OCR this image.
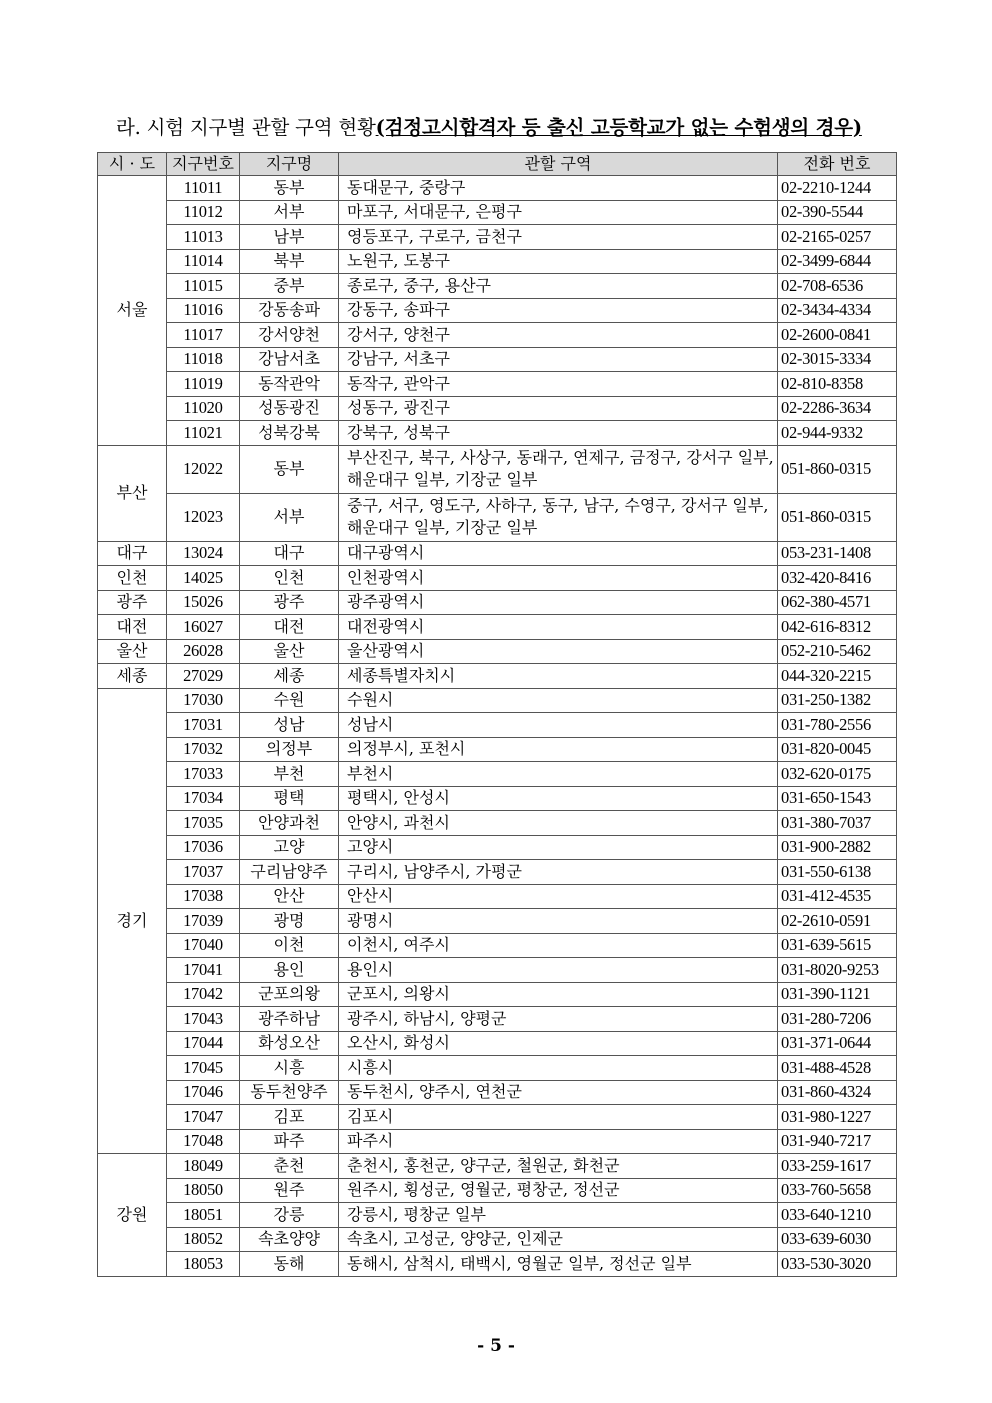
라. 시험 지구별 관할 구역 현황(검정고시합격자 등 출신 고등학교가 없는 수험생의 경우)
시 · 도	지구번호	지구명	관할 구역	전화 번호
서울	11011	동부	동대문구, 중랑구	02-2210-1244
	11012	서부	마포구, 서대문구, 은평구	02-390-5544
	11013	남부	영등포구, 구로구, 금천구	02-2165-0257
	11014	북부	노원구, 도봉구	02-3499-6844
	11015	중부	종로구, 중구, 용산구	02-708-6536
	11016	강동송파	강동구, 송파구	02-3434-4334
	11017	강서양천	강서구, 양천구	02-2600-0841
	11018	강남서초	강남구, 서초구	02-3015-3334
	11019	동작관악	동작구, 관악구	02-810-8358
	11020	성동광진	성동구, 광진구	02-2286-3634
	11021	성북강북	강북구, 성북구	02-944-9332
부산	12022	동부	부산진구, 북구, 사상구, 동래구, 연제구, 금정구, 강서구 일부, 해운대구 일부, 기장군 일부	051-860-0315
	12023	서부	중구, 서구, 영도구, 사하구, 동구, 남구, 수영구, 강서구 일부, 해운대구 일부, 기장군 일부	051-860-0315
대구	13024	대구	대구광역시	053-231-1408
인천	14025	인천	인천광역시	032-420-8416
광주	15026	광주	광주광역시	062-380-4571
대전	16027	대전	대전광역시	042-616-8312
울산	26028	울산	울산광역시	052-210-5462
세종	27029	세종	세종특별자치시	044-320-2215
경기	17030	수원	수원시	031-250-1382
	17031	성남	성남시	031-780-2556
	17032	의정부	의정부시, 포천시	031-820-0045
	17033	부천	부천시	032-620-0175
	17034	평택	평택시, 안성시	031-650-1543
	17035	안양과천	안양시, 과천시	031-380-7037
	17036	고양	고양시	031-900-2882
	17037	구리남양주	구리시, 남양주시, 가평군	031-550-6138
	17038	안산	안산시	031-412-4535
	17039	광명	광명시	02-2610-0591
	17040	이천	이천시, 여주시	031-639-5615
	17041	용인	용인시	031-8020-9253
	17042	군포의왕	군포시, 의왕시	031-390-1121
	17043	광주하남	광주시, 하남시, 양평군	031-280-7206
	17044	화성오산	오산시, 화성시	031-371-0644
	17045	시흥	시흥시	031-488-4528
	17046	동두천양주	동두천시, 양주시, 연천군	031-860-4324
	17047	김포	김포시	031-980-1227
	17048	파주	파주시	031-940-7217
강원	18049	춘천	춘천시, 홍천군, 양구군, 철원군, 화천군	033-259-1617
	18050	원주	원주시, 횡성군, 영월군, 평창군, 정선군	033-760-5658
	18051	강릉	강릉시, 평창군 일부	033-640-1210
	18052	속초양양	속초시, 고성군, 양양군, 인제군	033-639-6030
	18053	동해	동해시, 삼척시, 태백시, 영월군 일부, 정선군 일부	033-530-3020
- 5 -
